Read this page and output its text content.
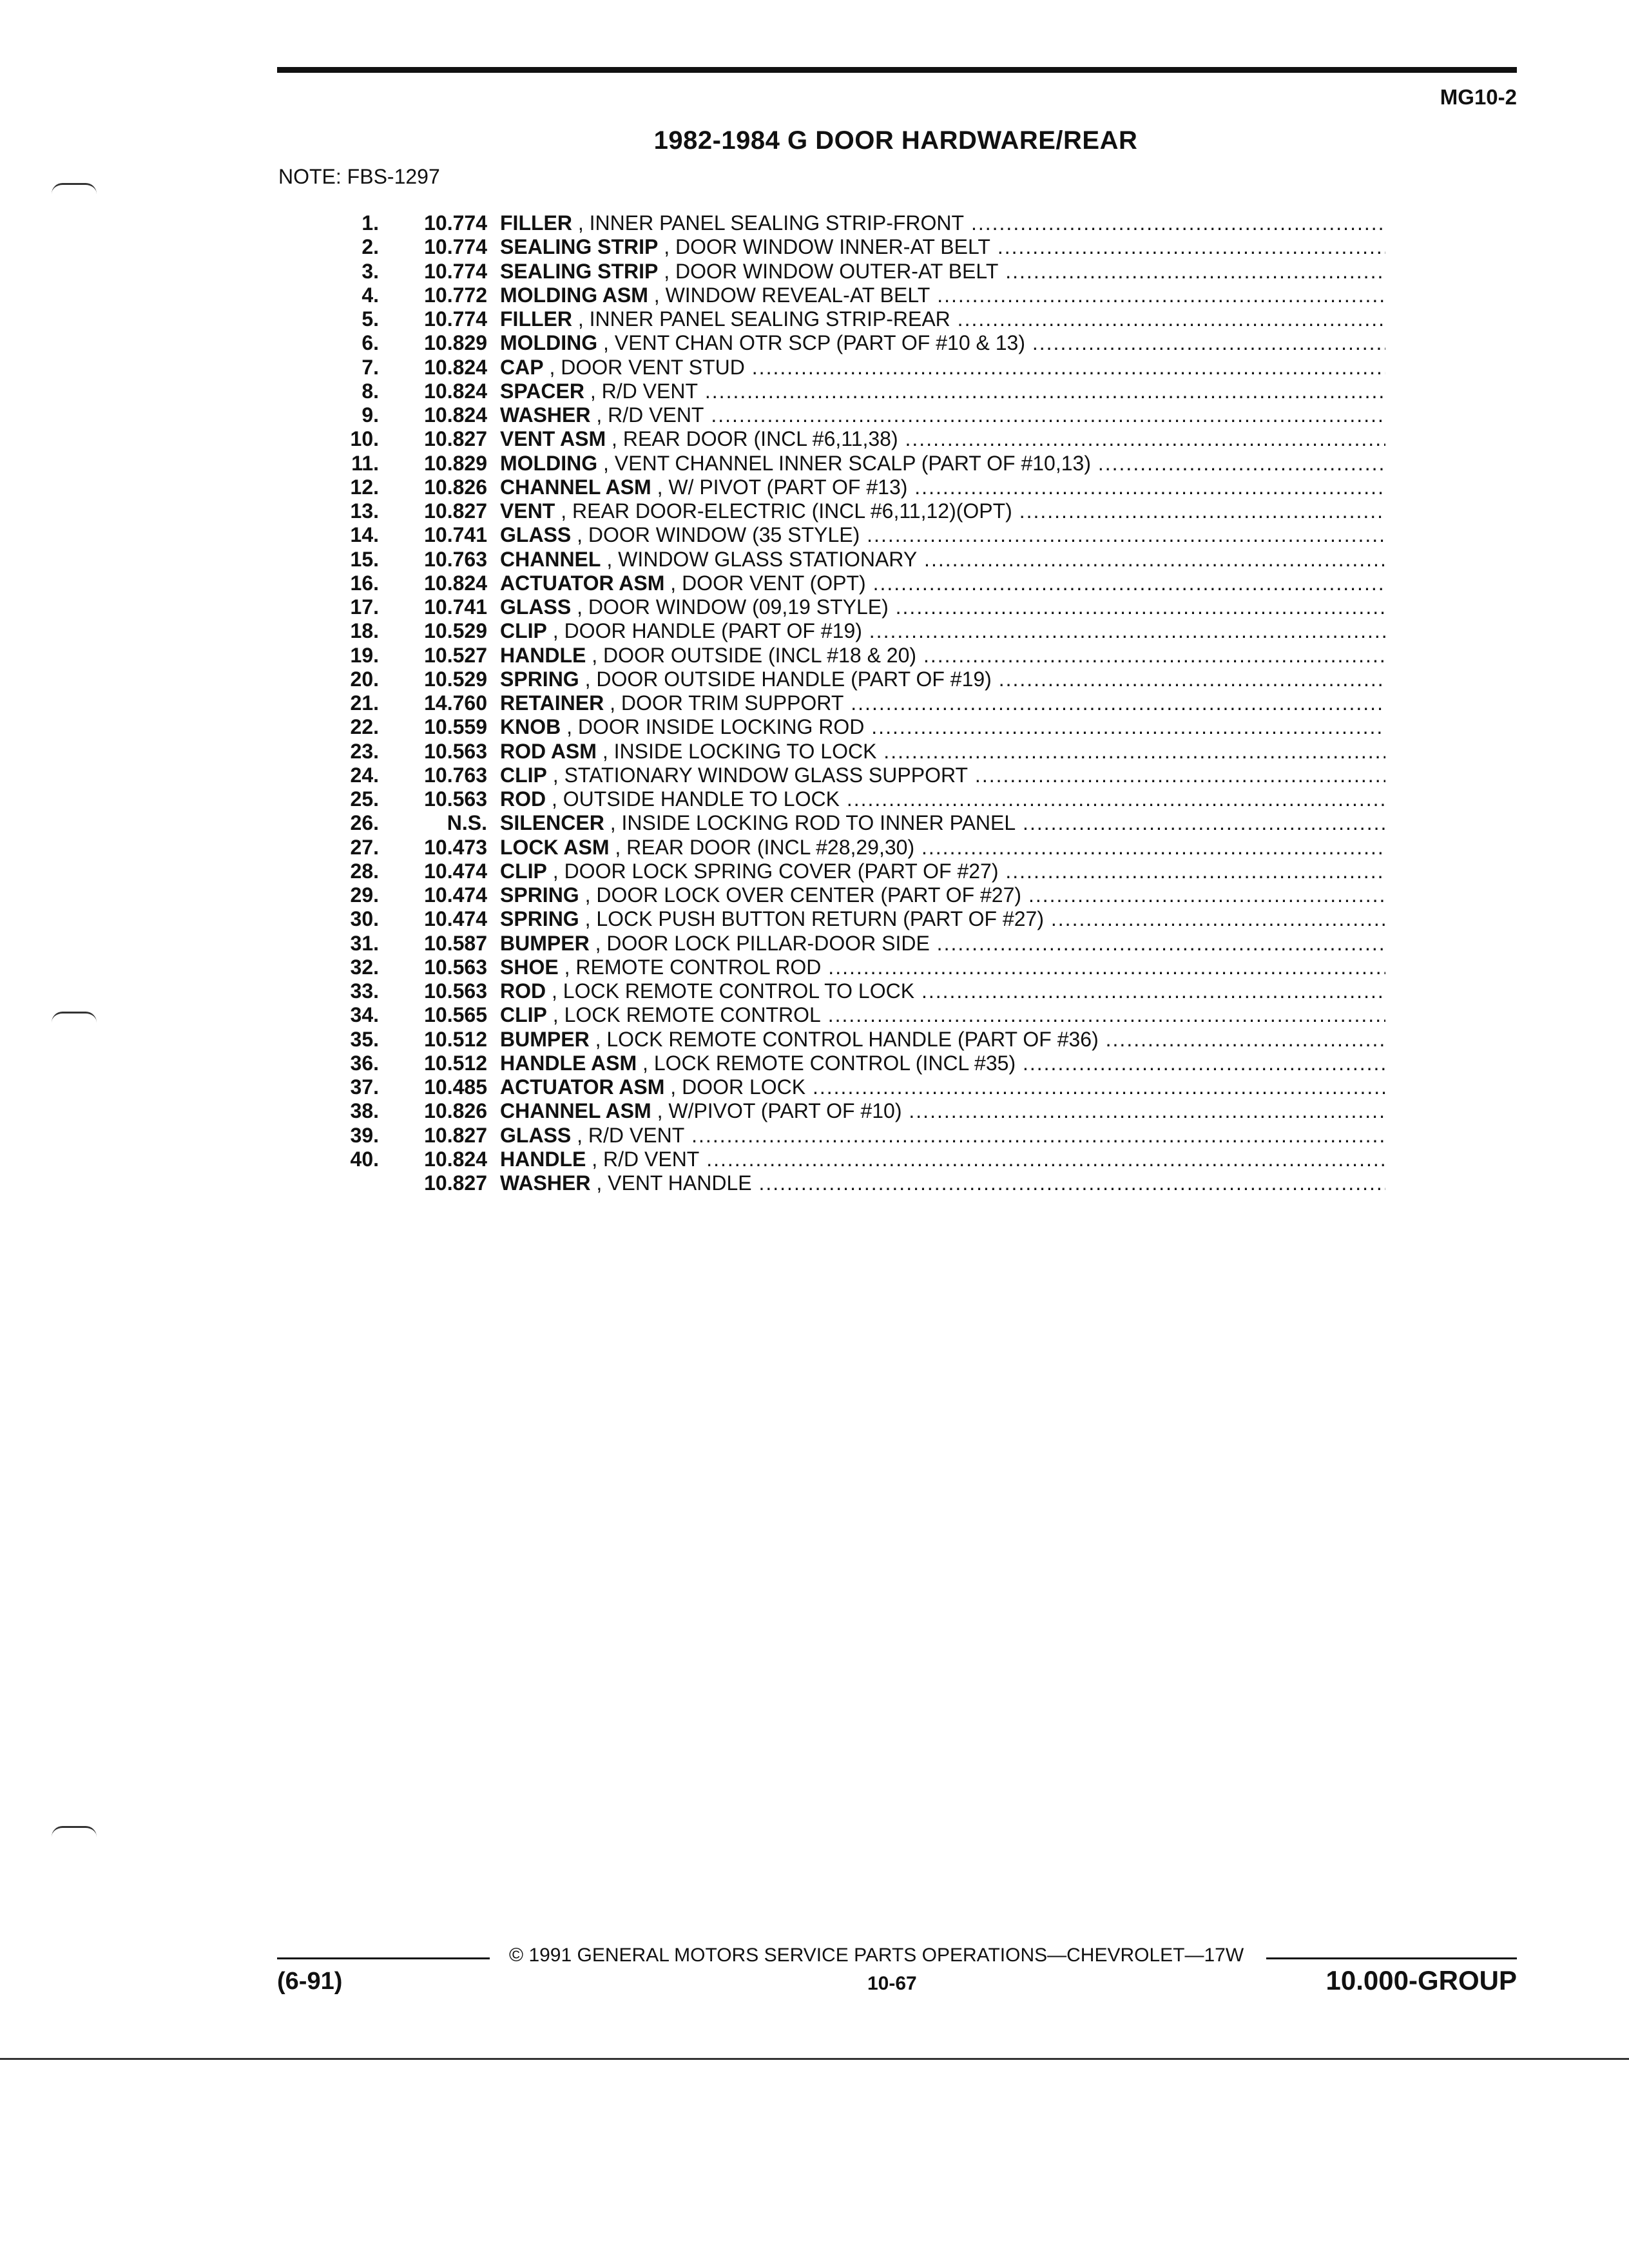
MG10-2
1982-1984 G DOOR HARDWARE/REAR
NOTE: FBS-1297
1.	10.774 FILLER , INNER PANEL SEALING STRIP-FRONT .....
2.	10.774 SEALING STRIP , DOOR WINDOW INNER-AT BELT .....
3.	10.774 SEALING STRIP , DOOR WINDOW OUTER-AT BELT .....
4.	10.772 MOLDING ASM , WINDOW REVEAL-AT BELT .....
5.	10.774 FILLER , INNER PANEL SEALING STRIP-REAR .....
6.	10.829 MOLDING , VENT CHAN OTR SCP (PART OF #10 & 13) .....
7.	10.824 CAP , DOOR VENT STUD .....
8.	10.824 SPACER , R/D VENT .....
9.	10.824 WASHER , R/D VENT .....
10.	10.827 VENT ASM , REAR DOOR (INCL #6,11,38) .....
11.	10.829 MOLDING , VENT CHANNEL INNER SCALP (PART OF #10,13) .....
12.	10.826 CHANNEL ASM , W/ PIVOT (PART OF #13) .....
13.	10.827 VENT , REAR DOOR-ELECTRIC (INCL #6,11,12)(OPT) .....
14.	10.741 GLASS , DOOR WINDOW (35 STYLE) .....
15.	10.763 CHANNEL , WINDOW GLASS STATIONARY .....
16.	10.824 ACTUATOR ASM , DOOR VENT (OPT) .....
17.	10.741 GLASS , DOOR WINDOW (09,19 STYLE) .....
18.	10.529 CLIP , DOOR HANDLE (PART OF #19) .....
19.	10.527 HANDLE , DOOR OUTSIDE (INCL #18 & 20) .....
20.	10.529 SPRING , DOOR OUTSIDE HANDLE (PART OF #19) .....
21.	14.760 RETAINER , DOOR TRIM SUPPORT .....
22.	10.559 KNOB , DOOR INSIDE LOCKING ROD .....
23.	10.563 ROD ASM , INSIDE LOCKING TO LOCK .....
24.	10.763 CLIP , STATIONARY WINDOW GLASS SUPPORT .....
25.	10.563 ROD , OUTSIDE HANDLE TO LOCK .....
26.	N.S. SILENCER , INSIDE LOCKING ROD TO INNER PANEL .....
27.	10.473 LOCK ASM , REAR DOOR (INCL #28,29,30) .....
28.	10.474 CLIP , DOOR LOCK SPRING COVER (PART OF #27) .....
29.	10.474 SPRING , DOOR LOCK OVER CENTER (PART OF #27) .....
30.	10.474 SPRING , LOCK PUSH BUTTON RETURN (PART OF #27) .....
31.	10.587 BUMPER , DOOR LOCK PILLAR-DOOR SIDE .....
32.	10.563 SHOE , REMOTE CONTROL ROD .....
33.	10.563 ROD , LOCK REMOTE CONTROL TO LOCK .....
34.	10.565 CLIP , LOCK REMOTE CONTROL .....
35.	10.512 BUMPER , LOCK REMOTE CONTROL HANDLE (PART OF #36) .....
36.	10.512 HANDLE ASM , LOCK REMOTE CONTROL (INCL #35) .....
37.	10.485 ACTUATOR ASM , DOOR LOCK .....
38.	10.826 CHANNEL ASM , W/PIVOT (PART OF #10) .....
39.	10.827 GLASS , R/D VENT .....
40.	10.824 HANDLE , R/D VENT .....
10.827 WASHER , VENT HANDLE .....
© 1991 GENERAL MOTORS SERVICE PARTS OPERATIONS—CHEVROLET—17W
(6-91)	10-67	10.000-GROUP
